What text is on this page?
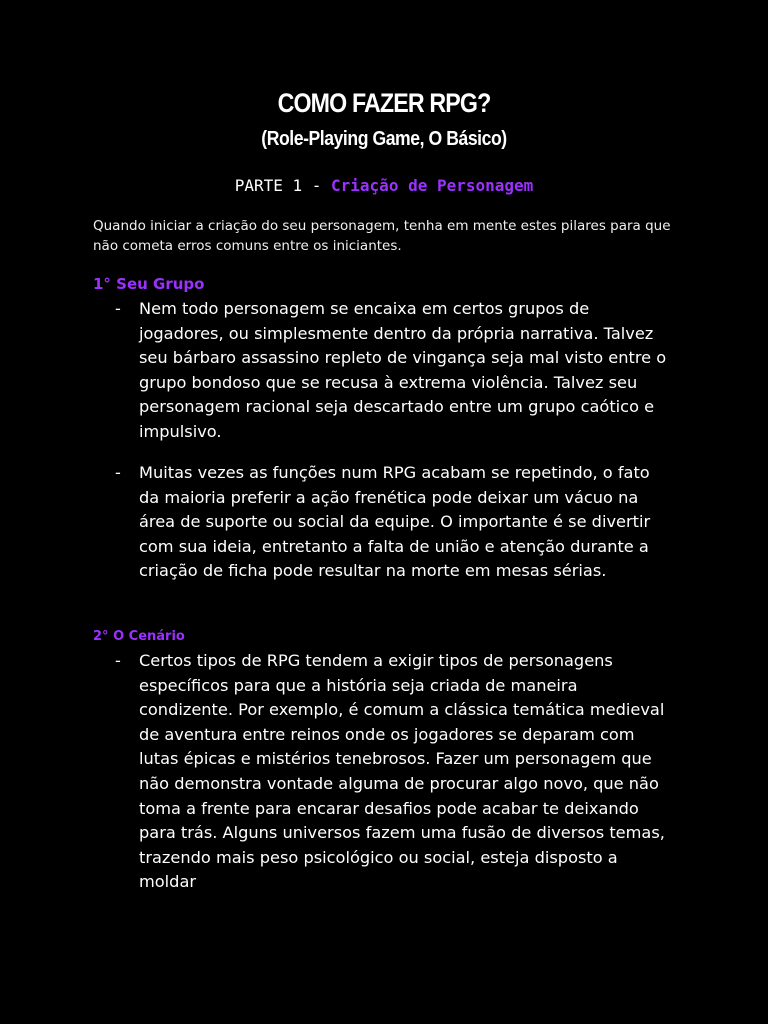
COMO FAZER RPG?
(Role-Playing Game, O Básico)
PARTE 1 - Criação de Personagem
Quando iniciar a criação do seu personagem, tenha em mente estes pilares para que não cometa erros comuns entre os iniciantes.
1° Seu Grupo
-	Nem todo personagem se encaixa em certos grupos de jogadores, ou simplesmente dentro da própria narrativa. Talvez seu bárbaro assassino repleto de vingança seja mal visto entre o grupo bondoso que se recusa à extrema violência. Talvez seu personagem racional seja descartado entre um grupo caótico e impulsivo.
-	Muitas vezes as funções num RPG acabam se repetindo, o fato da maioria preferir a ação frenética pode deixar um vácuo na área de suporte ou social da equipe. O importante é se divertir com sua ideia, entretanto a falta de união e atenção durante a criação de ficha pode resultar na morte em mesas sérias.
2° O Cenário
-	Certos tipos de RPG tendem a exigir tipos de personagens específicos para que a história seja criada de maneira condizente. Por exemplo, é comum a clássica temática medieval de aventura entre reinos onde os jogadores se deparam com lutas épicas e mistérios tenebrosos. Fazer um personagem que não demonstra vontade alguma de procurar algo novo, que não toma a frente para encarar desafios pode acabar te deixando para trás. Alguns universos fazem uma fusão de diversos temas, trazendo mais peso psicológico ou social, esteja disposto a moldar
